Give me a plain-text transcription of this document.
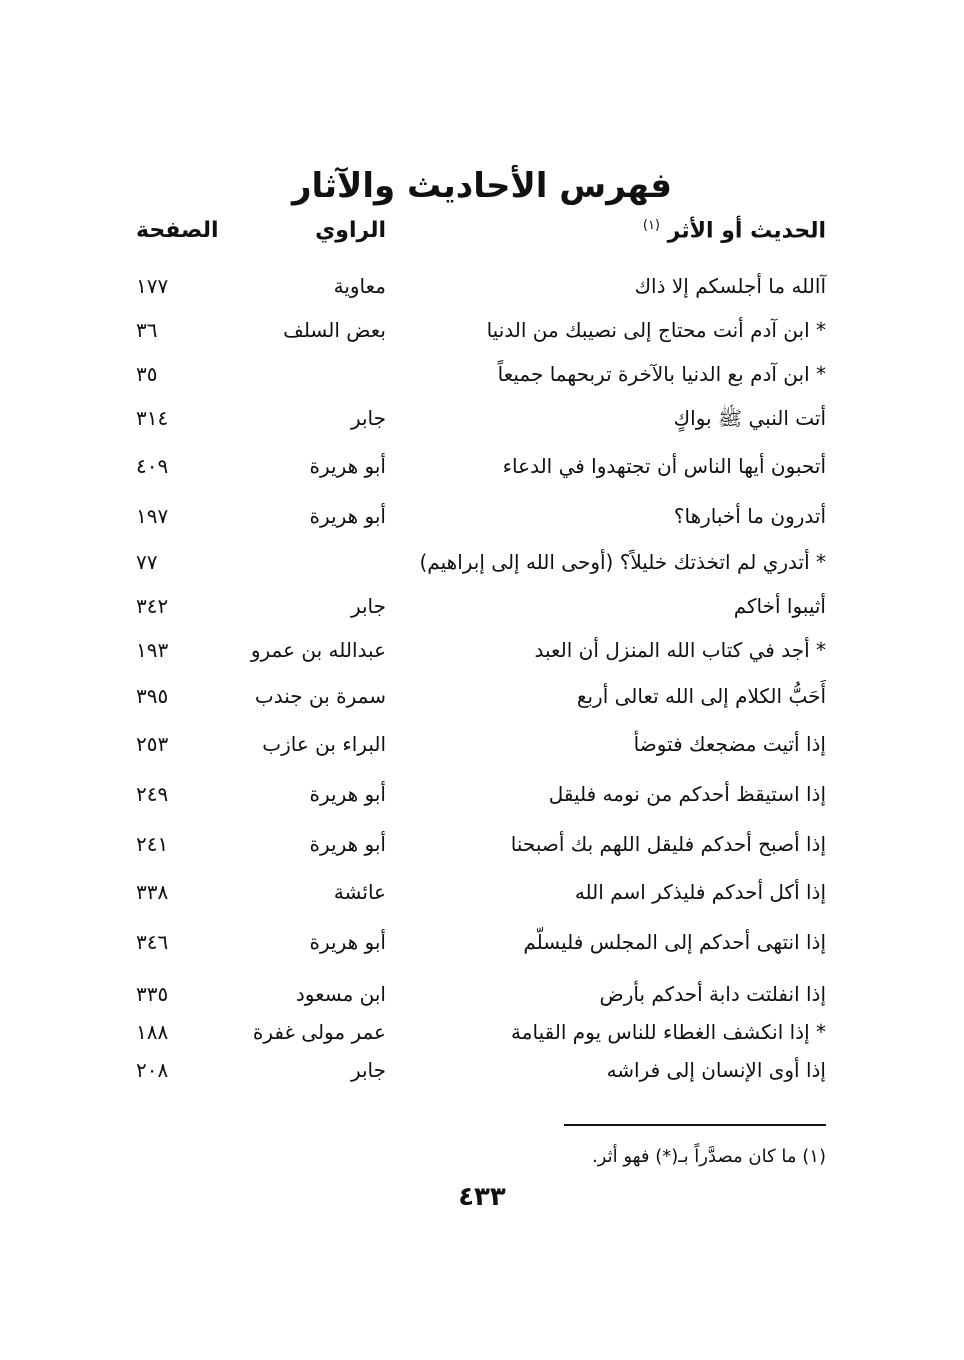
فهرس الأحاديث والآثار
الحديث أو الأثر $^{(١)}$
الراوي
الصفحة
آالله ما أجلسكم إلا ذاك
معاوية
١٧٧
* ابن آدم أنت محتاج إلى نصيبك من الدنيا
بعض السلف
٣٦
* ابن آدم بع الدنيا بالآخرة تربحهما جميعاً
٣٥
أتت النبي ﷺ بواكٍ
جابر
٣١٤
أتحبون أيها الناس أن تجتهدوا في الدعاء
أبو هريرة
٤٠٩
أتدرون ما أخبارها؟
أبو هريرة
١٩٧
* أتدري لم اتخذتك خليلاً؟ (أوحى الله إلى إبراهيم)
٧٧
أثيبوا أخاكم
جابر
٣٤٢
* أجد في كتاب الله المنزل أن العبد
عبدالله بن عمرو
١٩٣
أَحَبُّ الكلام إلى الله تعالى أربع
سمرة بن جندب
٣٩٥
إذا أتيت مضجعك فتوضأ
البراء بن عازب
٢٥٣
إذا استيقظ أحدكم من نومه فليقل
أبو هريرة
٢٤٩
إذا أصبح أحدكم فليقل اللهم بك أصبحنا
أبو هريرة
٢٤١
إذا أكل أحدكم فليذكر اسم الله
عائشة
٣٣٨
إذا انتهى أحدكم إلى المجلس فليسلّم
أبو هريرة
٣٤٦
إذا انفلتت دابة أحدكم بأرض
ابن مسعود
٣٣٥
* إذا انكشف الغطاء للناس يوم القيامة
عمر مولى غفرة
١٨٨
إذا أوى الإنسان إلى فراشه
جابر
٢٠٨
(١) ما كان مصدَّراً بـ(*) فهو أثر.
٤٣٣
